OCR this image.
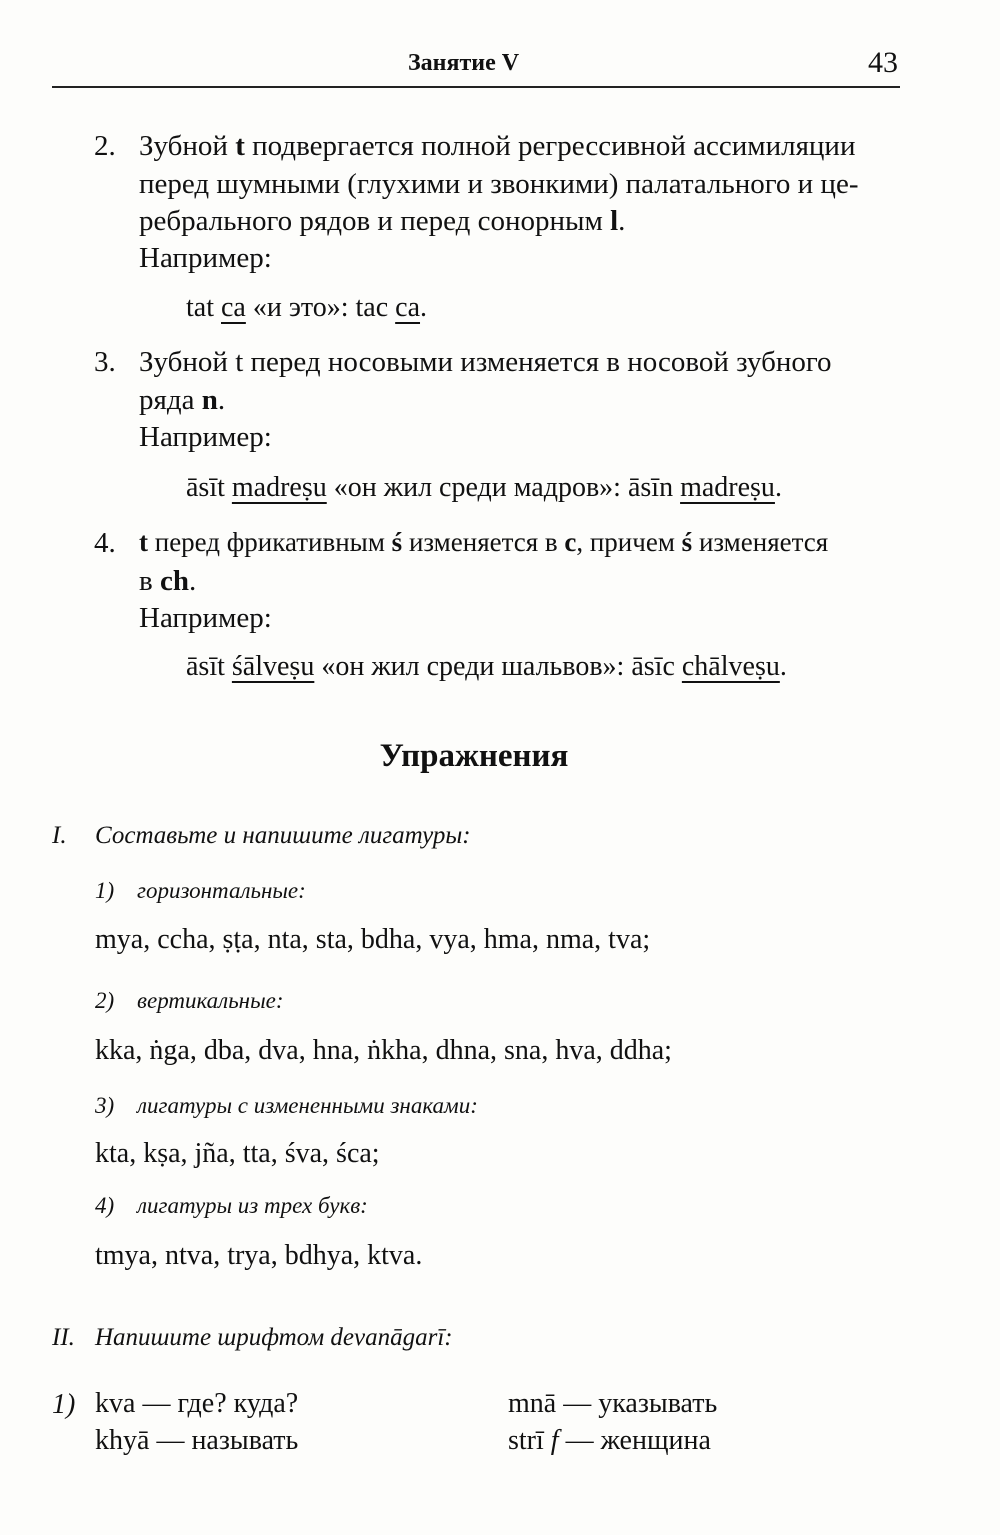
Занятие V	43
2. Зубной t подвергается полной регрессивной ассимиляции
перед шумными (глухими и звонкими) палатального и це-
ребрального рядов и перед сонорным l.
Например:
tat ca «и это»: tac ca.
3. Зубной t перед носовыми изменяется в носовой зубного
ряда n.
Например:
āsīt madreṣu «он жил среди мадров»: āsīn madreṣu.
4. t перед фрикативным ś изменяется в c, причем ś изменяется
в ch.
Например:
āsīt śālveṣu «он жил среди шальвов»: āsīc chālveṣu.
Упражнения
I. Составьте и напишите лигатуры:
1) горизонтальные:
mya, ccha, ṣṭa, nta, sta, bdha, vya, hma, nma, tva;
2) вертикальные:
kka, ṅga, dba, dva, hna, ṅkha, dhna, sna, hva, ddha;
3) лигатуры с измененными знаками:
kta, kṣa, jña, tta, śva, śca;
4) лигатуры из трех букв:
tmya, ntva, trya, bdhya, ktva.
II. Напишите шрифтом devanāgarī:
1) kva — где? куда?	mnā — указывать
khyā — называть	strī f — женщина
